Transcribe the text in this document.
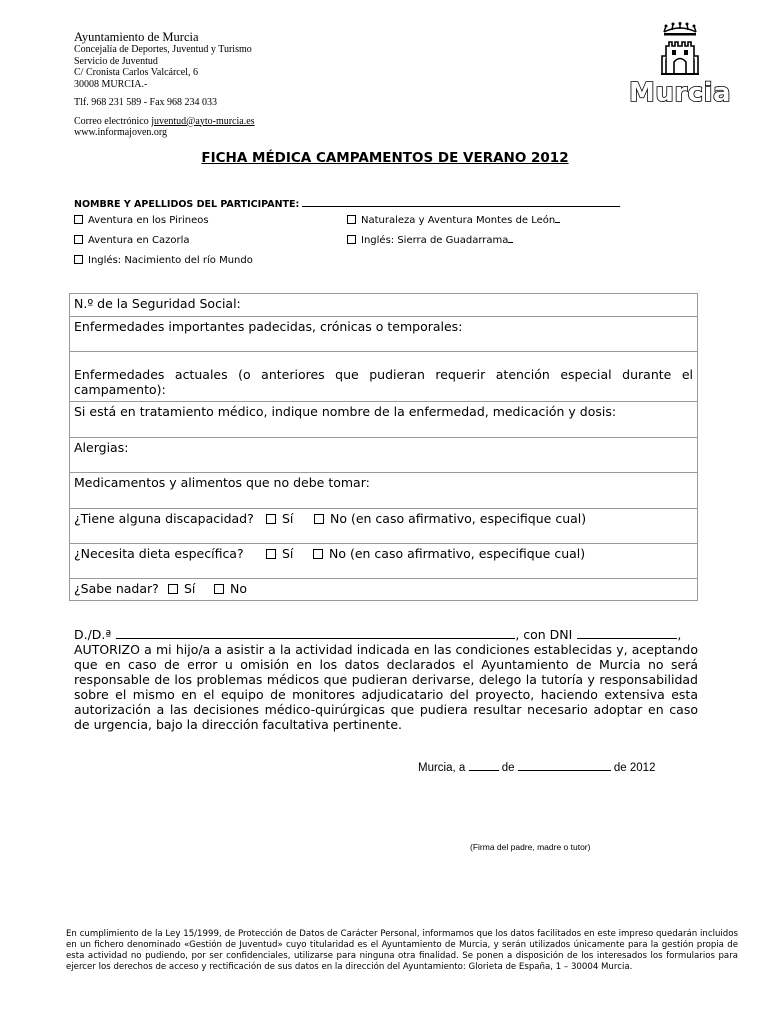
Ayuntamiento de Murcia
Concejalía de Deportes, Juventud y Turismo
Servicio de Juventud
C/ Cronista Carlos Valcárcel, 6
30008 MURCIA.-
Tlf. 968 231 589 - Fax 968 234 033
Correo electrónico juventud@ayto-murcia.es
www.informajoven.org
Murcia
FICHA MÉDICA CAMPAMENTOS DE VERANO 2012
NOMBRE Y APELLIDOS DEL PARTICIPANTE:
Aventura en los Pirineos	Naturaleza y Aventura Montes de León
Aventura en Cazorla	Inglés: Sierra de Guadarrama
Inglés: Nacimiento del río Mundo
N.º de la Seguridad Social:
Enfermedades importantes padecidas, crónicas o temporales:
Enfermedades actuales (o anteriores que pudieran requerir atención especial durante el campamento):
Si está en tratamiento médico, indique nombre de la enfermedad, medicación y dosis:
Alergias:
Medicamentos y alimentos que no debe tomar:
¿Tiene alguna discapacidad?	Sí	No (en caso afirmativo, especifique cual)
¿Necesita dieta específica?	Sí	No (en caso afirmativo, especifique cual)
¿Sabe nadar?	Sí	No
D./D.ª	, con DNI	,
AUTORIZO a mi hijo/a a asistir a la actividad indicada en las condiciones establecidas y, aceptando que en caso de error u omisión en los datos declarados el Ayuntamiento de Murcia no será responsable de los problemas médicos que pudieran derivarse, delego la tutoría y responsabilidad sobre el mismo en el equipo de monitores adjudicatario del proyecto, haciendo extensiva esta autorización a las decisiones médico-quirúrgicas que pudiera resultar necesario adoptar en caso de urgencia, bajo la dirección facultativa pertinente.
Murcia, a	de	de 2012
(Firma del padre, madre o tutor)
En cumplimiento de la Ley 15/1999, de Protección de Datos de Carácter Personal, informamos que los datos facilitados en este impreso quedarán incluidos en un fichero denominado «Gestión de Juventud» cuyo titularidad es el Ayuntamiento de Murcia, y serán utilizados únicamente para la gestión propia de esta actividad no pudiendo, por ser confidenciales, utilizarse para ninguna otra finalidad. Se ponen a disposición de los interesados los formularios para ejercer los derechos de acceso y rectificación de sus datos en la dirección del Ayuntamiento: Glorieta de España, 1 – 30004 Murcia.
